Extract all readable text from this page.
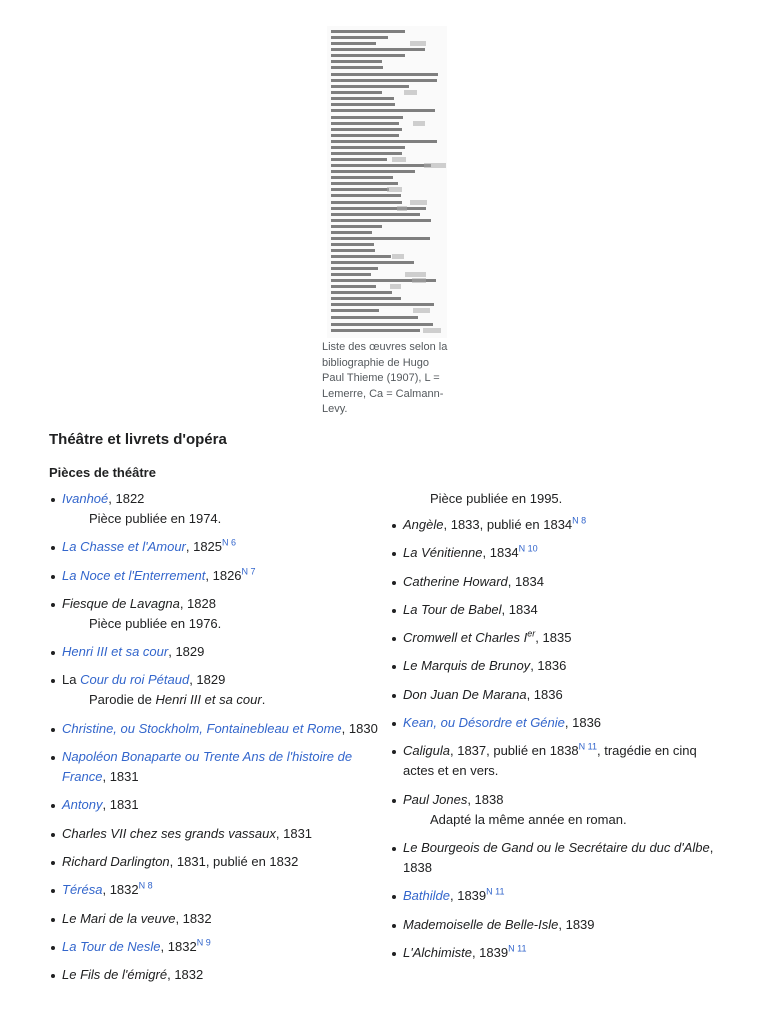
Liste des œuvres selon la bibliographie de Hugo Paul Thieme (1907), L = Lemerre, Ca = Calmann-Levy.
Théâtre et livrets d'opéra
Pièces de théâtre
Ivanhoé, 1822
Pièce publiée en 1974.
La Chasse et l'Amour, $1825^{N 6}$
La Noce et l'Enterrement, $1826^{N 7}$
Fiesque de Lavagna, 1828
Pièce publiée en 1976.
Henri III et sa cour, 1829
La Cour du roi Pétaud, 1829
Parodie de Henri III et sa cour.
Christine, ou Stockholm, Fontainebleau et Rome, 1830
Napoléon Bonaparte ou Trente Ans de l'histoire de France, 1831
Antony, 1831
Charles VII chez ses grands vassaux, 1831
Richard Darlington, 1831, publié en 1832
Térésa, $1832^{N 8}$
Le Mari de la veuve, 1832
La Tour de Nesle, $1832^{N 9}$
Le Fils de l'émigré, 1832
Pièce publiée en 1995.
Angèle, 1833, publié en $1834^{N 8}$
La Vénitienne, $1834^{N 10}$
Catherine Howard, 1834
La Tour de Babel, 1834
Cromwell et Charles Ier, 1835
Le Marquis de Brunoy, 1836
Don Juan De Marana, 1836
Kean, ou Désordre et Génie, 1836
Caligula, 1837, publié en $1838^{N 11}$, tragédie en cinq actes et en vers.
Paul Jones, 1838
Adapté la même année en roman.
Le Bourgeois de Gand ou le Secrétaire du duc d'Albe, 1838
Bathilde, $1839^{N 11}$
Mademoiselle de Belle-Isle, 1839
L'Alchimiste, $1839^{N 11}$
